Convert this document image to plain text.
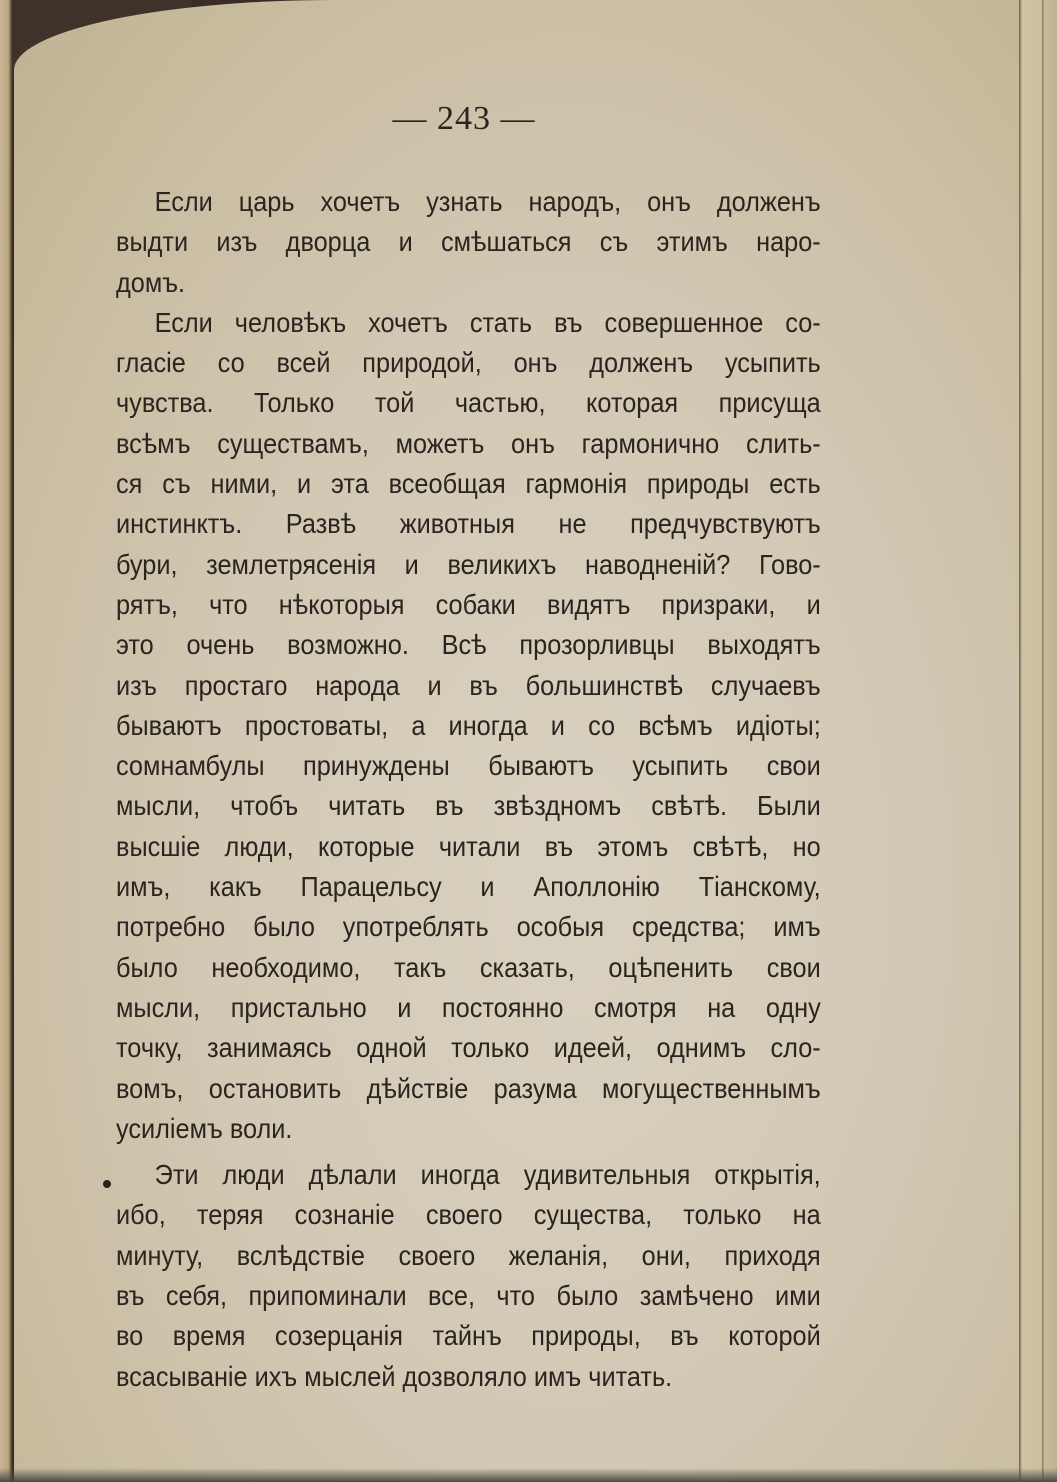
— 243 —
Если царь хочетъ узнать народъ, онъ долженъ
выдти изъ дворца и смѣшаться съ этимъ наро-
домъ.
Если человѣкъ хочетъ стать въ совершенное со-
гласіе со всей природой, онъ долженъ усыпить
чувства. Только той частью, которая присуща
всѣмъ существамъ, можетъ онъ гармонично слить-
ся съ ними, и эта всеобщая гармонія природы есть
инстинктъ. Развѣ животныя не предчувствуютъ
бури, землетрясенія и великихъ наводненій? Гово-
рятъ, что нѣкоторыя собаки видятъ призраки, и
это очень возможно. Всѣ прозорливцы выходятъ
изъ простаго народа и въ большинствѣ случаевъ
бываютъ простоваты, а иногда и со всѣмъ идіоты;
сомнамбулы принуждены бываютъ усыпить свои
мысли, чтобъ читать въ звѣздномъ свѣтѣ. Были
высшіе люди, которые читали въ этомъ свѣтѣ, но
имъ, какъ Парацельсу и Аполлонію Тіанскому,
потребно было употреблять особыя средства; имъ
было необходимо, такъ сказать, оцѣпенить свои
мысли, пристально и постоянно смотря на одну
точку, занимаясь одной только идеей, однимъ сло-
вомъ, остановить дѣйствіе разума могущественнымъ
усиліемъ воли.
Эти люди дѣлали иногда удивительныя открытія,
ибо, теряя сознаніе своего существа, только на
минуту, вслѣдствіе своего желанія, они, приходя
въ себя, припоминали все, что было замѣчено ими
во время созерцанія тайнъ природы, въ которой
всасываніе ихъ мыслей дозволяло имъ читать.
